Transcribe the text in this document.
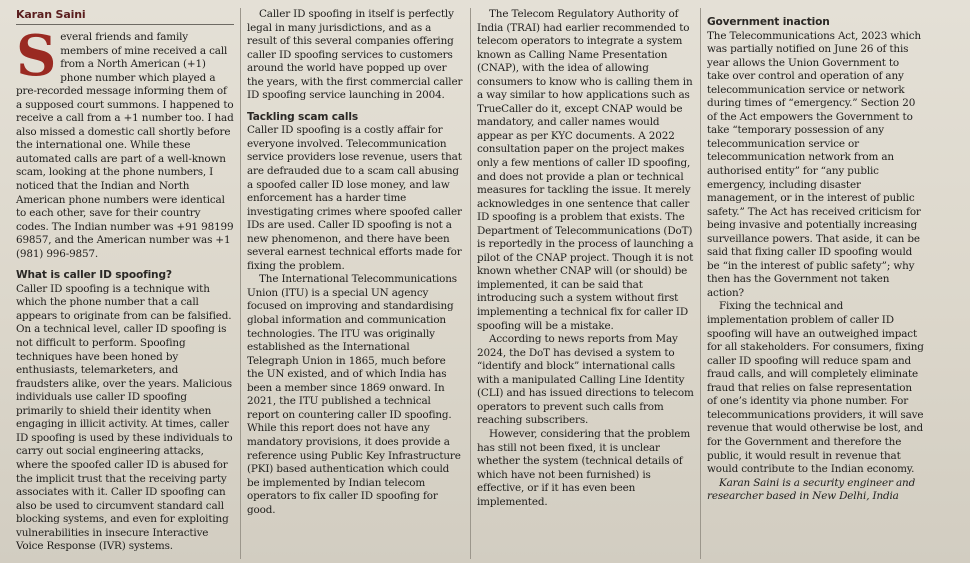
Karan Saini

Several friends and family members of mine received a call from a North American (+1) phone number which played a pre-recorded message informing them of a supposed court summons. I happened to receive a call from a +1 number too. I had also missed a domestic call shortly before the international one. While these automated calls are part of a well-known scam, looking at the phone numbers, I noticed that the Indian and North American phone numbers were identical to each other, save for their country codes. The Indian number was +91 98199 69857, and the American number was +1 (981) 996-9857.

What is caller ID spoofing?

Caller ID spoofing is a technique with which the phone number that a call appears to originate from can be falsified. On a technical level, caller ID spoofing is not difficult to perform. Spoofing techniques have been honed by enthusiasts, telemarketers, and fraudsters alike, over the years. Malicious individuals use caller ID spoofing primarily to shield their identity when engaging in illicit activity. At times, caller ID spoofing is used by these individuals to carry out social engineering attacks, where the spoofed caller ID is abused for the implicit trust that the receiving party associates with it. Caller ID spoofing can also be used to circumvent standard call blocking systems, and even for exploiting vulnerabilities in insecure Interactive Voice Response (IVR) systems.

Caller ID spoofing in itself is perfectly legal in many jurisdictions, and as a result of this several companies offering caller ID spoofing services to customers around the world have popped up over the years, with the first commercial caller ID spoofing service launching in 2004.

Tackling scam calls

Caller ID spoofing is a costly affair for everyone involved. Telecommunication service providers lose revenue, users that are defrauded due to a scam call abusing a spoofed caller ID lose money, and law enforcement has a harder time investigating crimes where spoofed caller IDs are used. Caller ID spoofing is not a new phenomenon, and there have been several earnest technical efforts made for fixing the problem.

The International Telecommunications Union (ITU) is a special UN agency focused on improving and standardising global information and communication technologies. The ITU was originally established as the International Telegraph Union in 1865, much before the UN existed, and of which India has been a member since 1869 onward. In 2021, the ITU published a technical report on countering caller ID spoofing. While this report does not have any mandatory provisions, it does provide a reference using Public Key Infrastructure (PKI) based authentication which could be implemented by Indian telecom operators to fix caller ID spoofing for good.

The Telecom Regulatory Authority of India (TRAI) had earlier recommended to telecom operators to integrate a system known as Calling Name Presentation (CNAP), with the idea of allowing consumers to know who is calling them in a way similar to how applications such as TrueCaller do it, except CNAP would be mandatory, and caller names would appear as per KYC documents. A 2022 consultation paper on the project makes only a few mentions of caller ID spoofing, and does not provide a plan or technical measures for tackling the issue. It merely acknowledges in one sentence that caller ID spoofing is a problem that exists. The Department of Telecommunications (DoT) is reportedly in the process of launching a pilot of the CNAP project. Though it is not known whether CNAP will (or should) be implemented, it can be said that introducing such a system without first implementing a technical fix for caller ID spoofing will be a mistake.

According to news reports from May 2024, the DoT has devised a system to “identify and block” international calls with a manipulated Calling Line Identity (CLI) and has issued directions to telecom operators to prevent such calls from reaching subscribers.

However, considering that the problem has still not been fixed, it is unclear whether the system (technical details of which have not been furnished) is effective, or if it has even been implemented.

Government inaction

The Telecommunications Act, 2023 which was partially notified on June 26 of this year allows the Union Government to take over control and operation of any telecommunication service or network during times of “emergency.” Section 20 of the Act empowers the Government to take “temporary possession of any telecommunication service or telecommunication network from an authorised entity” for “any public emergency, including disaster management, or in the interest of public safety.” The Act has received criticism for being invasive and potentially increasing surveillance powers. That aside, it can be said that fixing caller ID spoofing would be “in the interest of public safety”; why then has the Government not taken action?

Fixing the technical and implementation problem of caller ID spoofing will have an outweighed impact for all stakeholders. For consumers, fixing caller ID spoofing will reduce spam and fraud calls, and will completely eliminate fraud that relies on false representation of one’s identity via phone number. For telecommunications providers, it will save revenue that would otherwise be lost, and for the Government and therefore the public, it would result in revenue that would contribute to the Indian economy.

Karan Saini is a security engineer and researcher based in New Delhi, India
